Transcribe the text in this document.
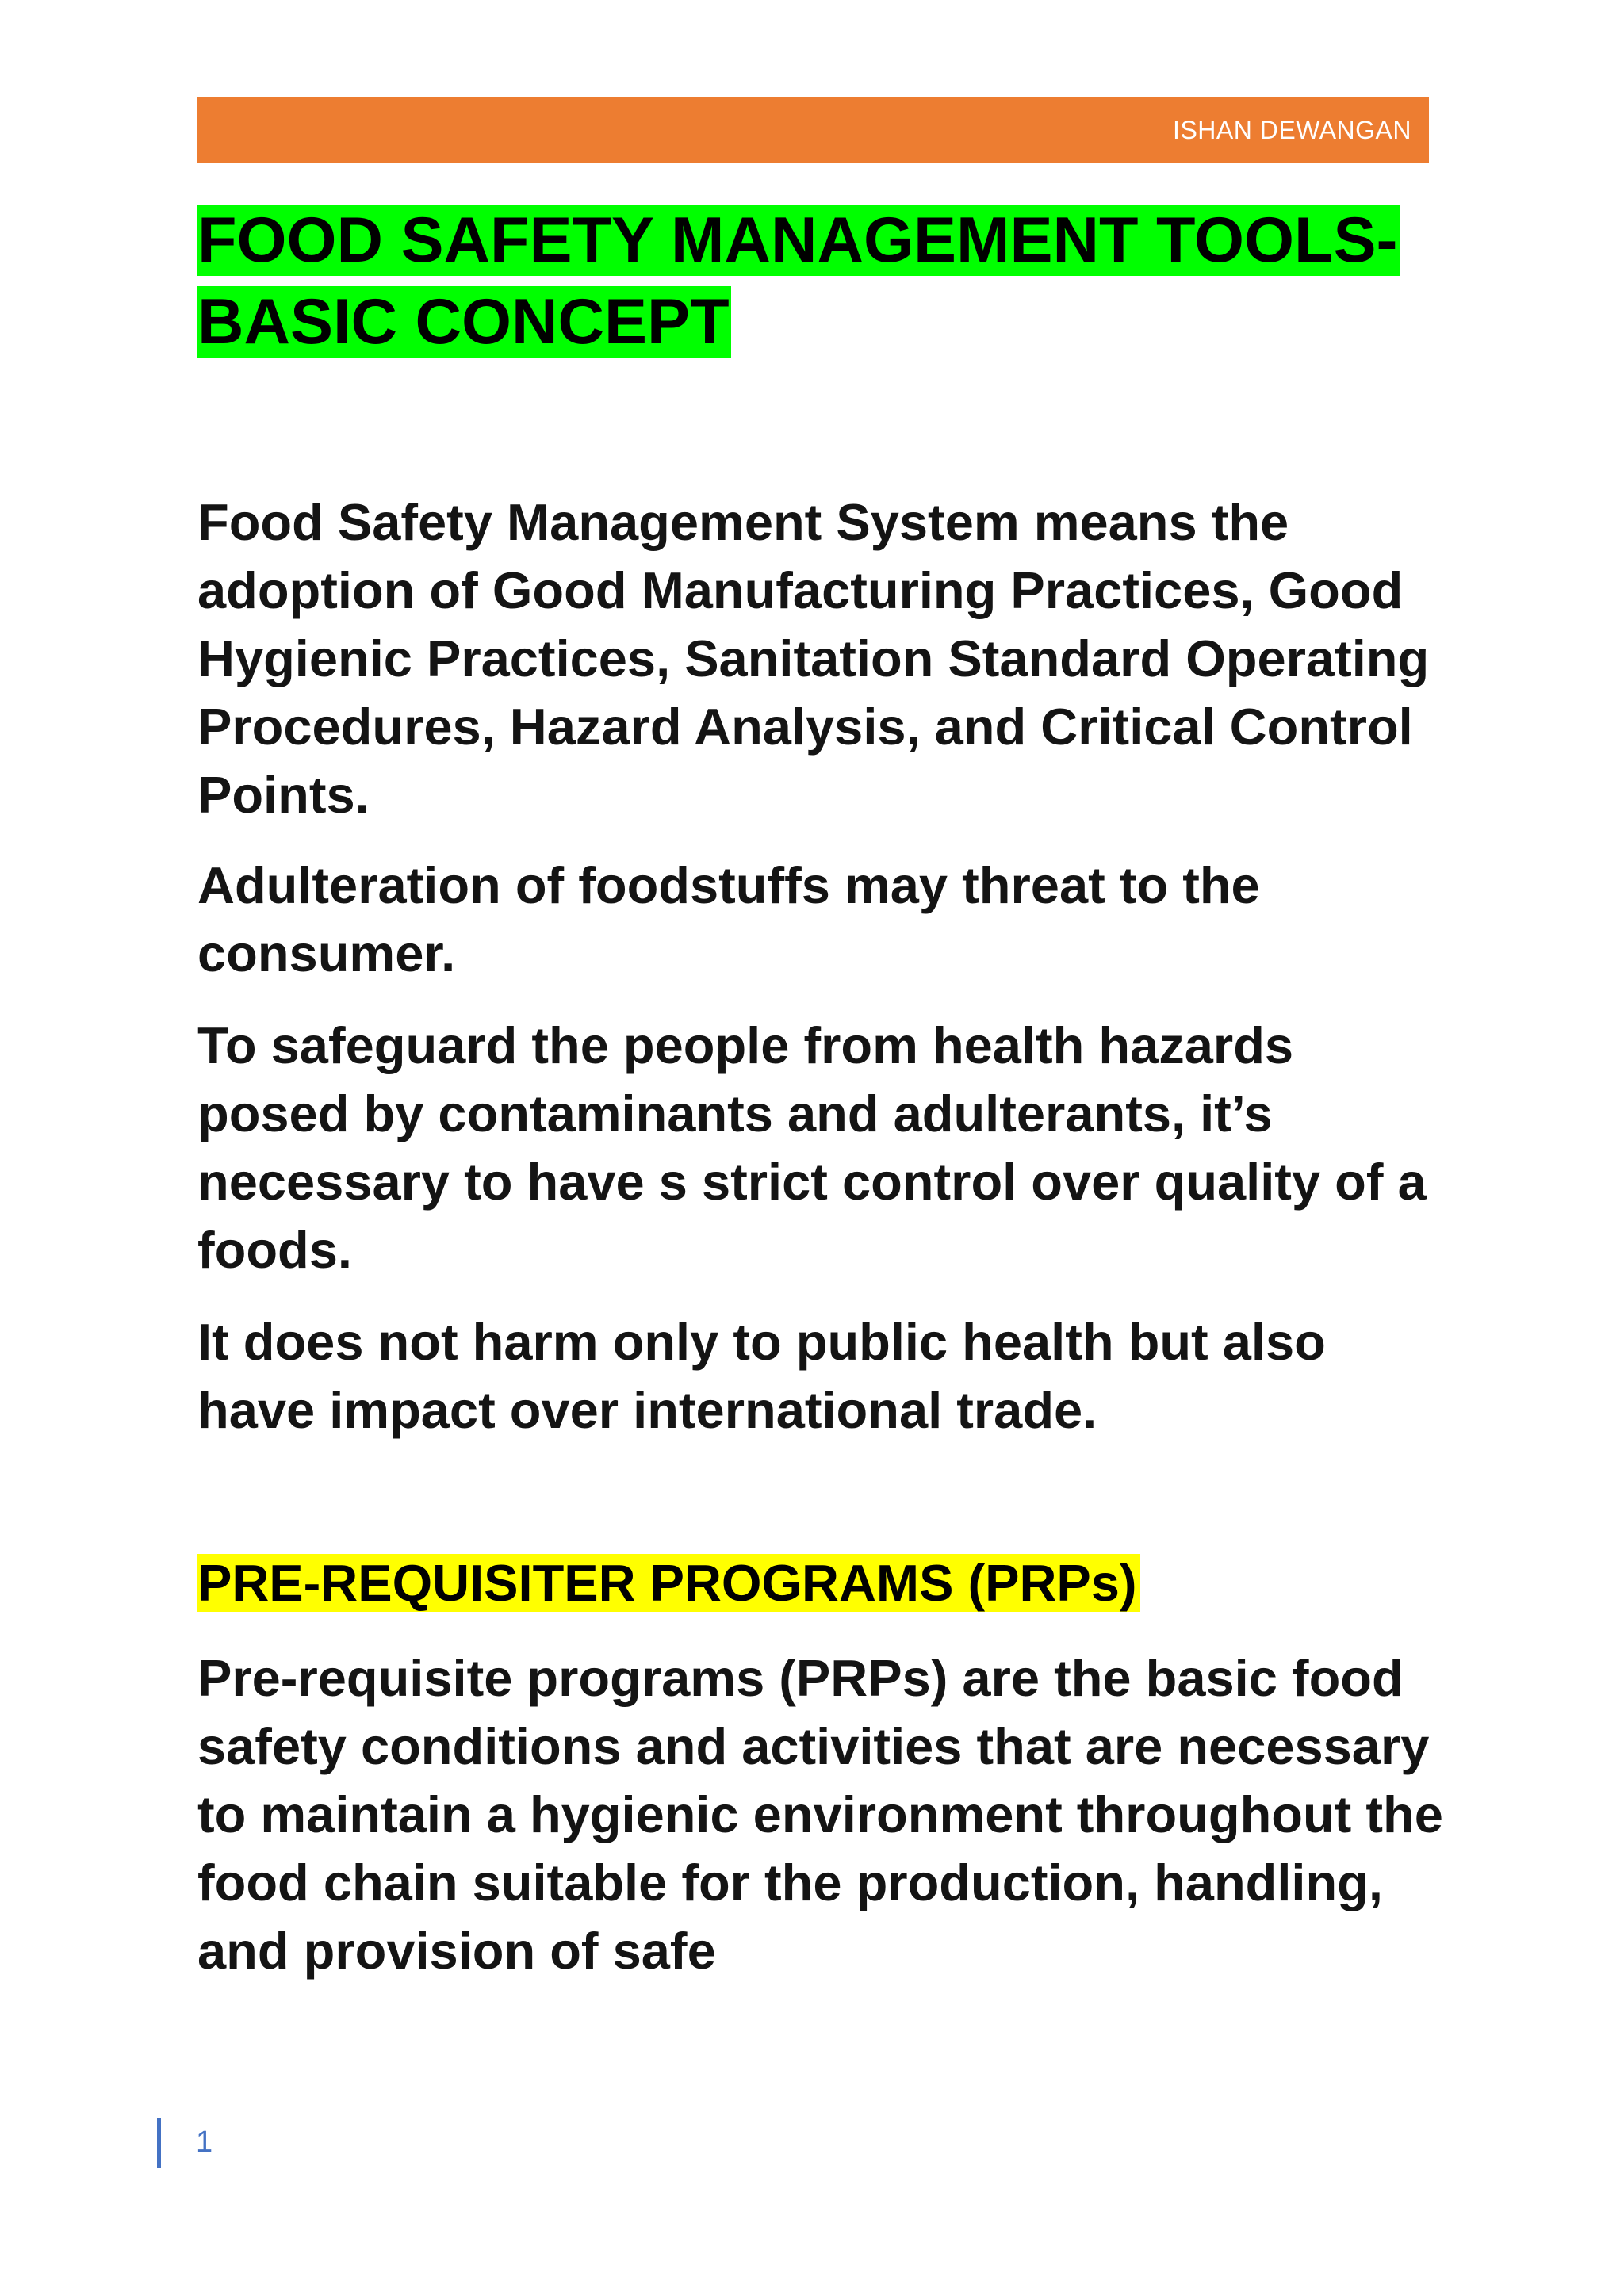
ISHAN DEWANGAN
FOOD SAFETY MANAGEMENT TOOLS-
BASIC CONCEPT

Food Safety Management System means the adoption of Good Manufacturing Practices, Good Hygienic Practices, Sanitation Standard Operating Procedures, Hazard Analysis, and Critical Control Points.

Adulteration of foodstuffs may threat to the consumer.

To safeguard the people from health hazards posed by contaminants and adulterants, it’s necessary to have s strict control over quality of a foods.

It does not harm only to public health but also have impact over international trade.

PRE-REQUISITER PROGRAMS (PRPs)

Pre-requisite programs (PRPs) are the basic food safety conditions and activities that are necessary to maintain a hygienic environment throughout the food chain suitable for the production, handling, and provision of safe

1
